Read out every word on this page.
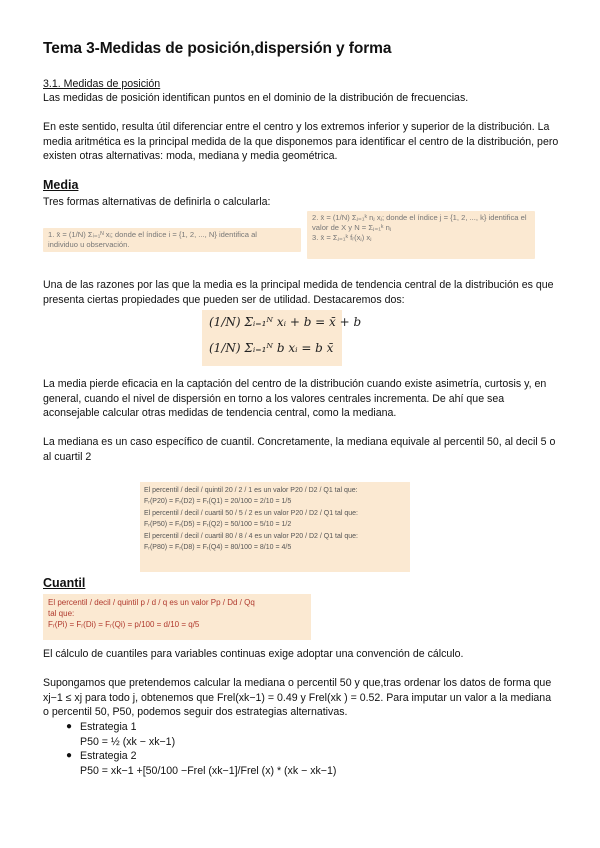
Tema 3-Medidas de posición,dispersión y forma
3.1. Medidas de posición

Las medidas de posición identifican puntos en el dominio de la distribución de frecuencias.

En este sentido, resulta útil diferenciar entre el centro y los extremos inferior y superior de la distribución. La media aritmética es la principal medida de la que disponemos para identificar el centro de la distribución, pero existen otras alternativas: moda, mediana y media geométrica.

Media

Tres formas alternativas de definirla o calcularla:

2. x̄ = (1/N) Σⱼ₌₁ᵏ nⱼ xⱼ; donde el índice j = {1, 2, ..., k} identifica el
valor de X y N = Σⱼ₌₁ᵏ nⱼ
3. x̄ = Σⱼ₌₁ᵏ fᵣ(xⱼ) xⱼ
1. x̄ = (1/N) Σᵢ₌₁ᴺ xᵢ; donde el índice i = {1, 2, ..., N} identifica al
individuo u observación.

Una de las razones por las que la media es la principal medida de tendencia central de la distribución es que presenta ciertas propiedades que pueden ser de utilidad. Destacaremos dos:

(1/N) Σᵢ₌₁ᴺ xᵢ + b = x̄ + b
(1/N) Σᵢ₌₁ᴺ b xᵢ = b x̄

La media pierde eficacia en la captación del centro de la distribución cuando existe asimetría, curtosis y, en general, cuando el nivel de dispersión en torno a los valores centrales incrementa. De ahí que sea aconsejable calcular otras medidas de tendencia central, como la mediana.

La mediana es un caso específico de cuantil. Concretamente, la mediana equivale al percentil 50, al decil 5 o al cuartil 2

El percentil / decil / quintil 20 / 2 / 1 es un valor P20 / D2 / Q1 tal que:
Fᵣ(P20) = Fᵣ(D2) = Fᵣ(Q1) = 20/100 = 2/10 = 1/5
El percentil / decil / cuartil 50 / 5 / 2 es un valor P20 / D2 / Q1 tal que:
Fᵣ(P50) = Fᵣ(D5) = Fᵣ(Q2) = 50/100 = 5/10 = 1/2
El percentil / decil / cuartil 80 / 8 / 4 es un valor P20 / D2 / Q1 tal que:
Fᵣ(P80) = Fᵣ(D8) = Fᵣ(Q4) = 80/100 = 8/10 = 4/5
Cuantil
El percentil / decil / quintil p / d / q es un valor Pp / Dd / Qq
tal que:
Fᵣ(Pi) = Fᵣ(Di) = Fᵣ(Qi) = p/100 = d/10 = q/5

El cálculo de cuantiles para variables continuas exige adoptar una convención de cálculo.

Supongamos que pretendemos calcular la mediana o percentil 50 y que,tras ordenar los datos de forma que xj−1 ≤ xj para todo j, obtenemos que Frel(xk−1) = 0.49 y Frel(xk ) = 0.52. Para imputar un valor a la mediana o percentil 50, P50, podemos seguir dos estrategias alternativas.

● Estrategia 1
P50 = ½ (xk − xk−1)
● Estrategia 2
P50 = xk−1 +[50/100 −Frel (xk−1]/Frel (x) * (xk − xk−1)
